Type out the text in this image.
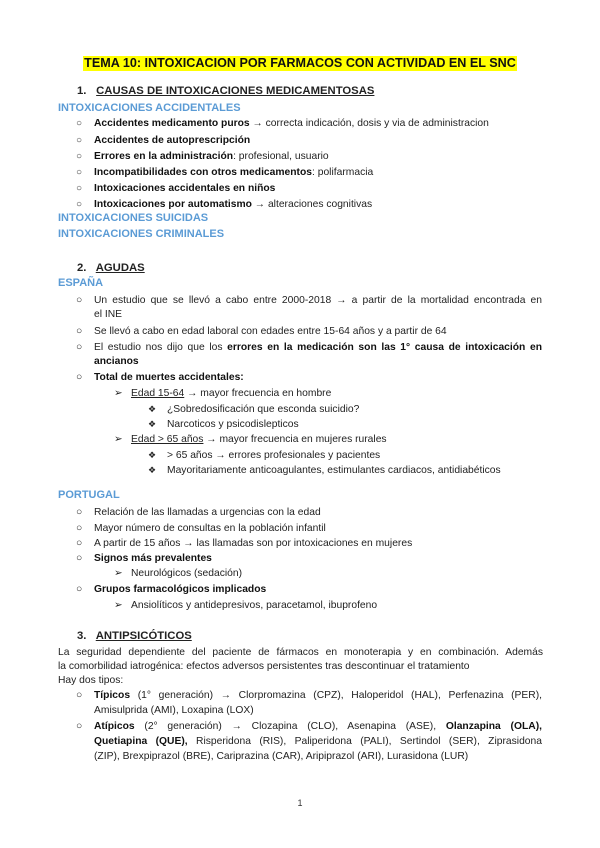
TEMA 10: INTOXICACION POR FARMACOS CON ACTIVIDAD EN EL SNC
1. CAUSAS DE INTOXICACIONES MEDICAMENTOSAS
INTOXICACIONES ACCIDENTALES
○ Accidentes medicamento puros → correcta indicación, dosis y via de administracion
○ Accidentes de autoprescripción
○ Errores en la administración: profesional, usuario
○ Incompatibilidades con otros medicamentos: polifarmacia
○ Intoxicaciones accidentales en niños
○ Intoxicaciones por automatismo → alteraciones cognitivas
INTOXICACIONES SUICIDAS
INTOXICACIONES CRIMINALES
2. AGUDAS
ESPAÑA
○ Un estudio que se llevó a cabo entre 2000-2018 → a partir de la mortalidad encontrada en
el INE
○ Se llevó a cabo en edad laboral con edades entre 15-64 años y a partir de 64
○ El estudio nos dijo que los errores en la medicación son las 1° causa de intoxicación en
ancianos
○ Total de muertes accidentales:
➢ Edad 15-64 → mayor frecuencia en hombre
❖ ¿Sobredosificación que esconda suicidio?
❖ Narcoticos y psicodislepticos
➢ Edad > 65 años → mayor frecuencia en mujeres rurales
❖ > 65 años → errores profesionales y pacientes
❖ Mayoritariamente anticoagulantes, estimulantes cardiacos, antidiabéticos
PORTUGAL
○ Relación de las llamadas a urgencias con la edad
○ Mayor número de consultas en la población infantil
○ A partir de 15 años → las llamadas son por intoxicaciones en mujeres
○ Signos más prevalentes
➢ Neurológicos (sedación)
○ Grupos farmacológicos implicados
➢ Ansiolíticos y antidepresivos, paracetamol, ibuprofeno
3. ANTIPSICÓTICOS
La seguridad dependiente del paciente de fármacos en monoterapia y en combinación. Además
la comorbilidad iatrogénica: efectos adversos persistentes tras descontinuar el tratamiento
Hay dos tipos:
○ Típicos (1° generación) → Clorpromazina (CPZ), Haloperidol (HAL), Perfenazina (PER),
Amisulprida (AMI), Loxapina (LOX)
○ Atípicos (2° generación) → Clozapina (CLO), Asenapina (ASE), Olanzapina (OLA),
Quetiapina (QUE), Risperidona (RIS), Paliperidona (PALI), Sertindol (SER), Ziprasidona
(ZIP), Brexpiprazol (BRE), Cariprazina (CAR), Aripiprazol (ARI), Lurasidona (LUR)
1
